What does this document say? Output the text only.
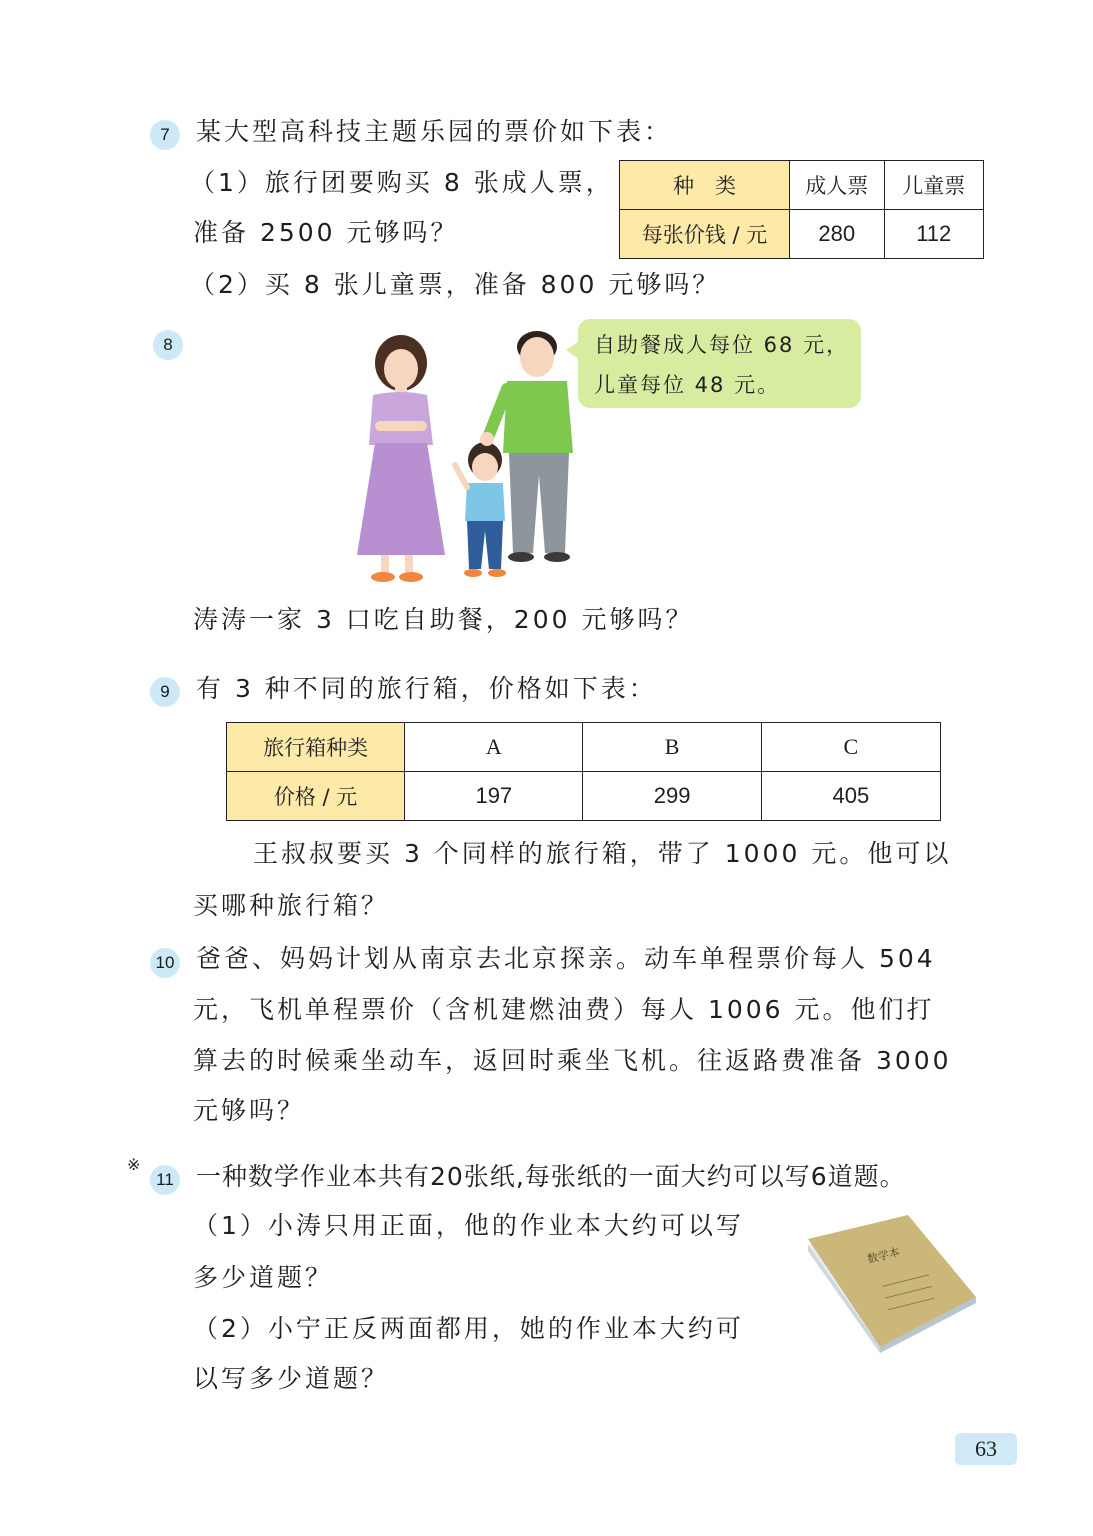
7	某大型高科技主题乐园的票价如下表：
（1）旅行团要购买 8 张成人票，
准备 2500 元够吗？
（2）买 8 张儿童票，准备 800 元够吗？
种　类	成人票	儿童票
每张价钱 / 元	280	112
8	自助餐成人每位 68 元，
儿童每位 48 元。
涛涛一家 3 口吃自助餐，200 元够吗？
9	有 3 种不同的旅行箱，价格如下表：
旅行箱种类	A	B	C
价格 / 元	197	299	405
王叔叔要买 3 个同样的旅行箱，带了 1000 元。他可以
买哪种旅行箱？
10 爸爸、妈妈计划从南京去北京探亲。动车单程票价每人 504
元，飞机单程票价（含机建燃油费）每人 1006 元。他们打
算去的时候乘坐动车，返回时乘坐飞机。往返路费准备 3000
元够吗？
※
11 一种数学作业本共有20张纸,每张纸的一面大约可以写6道题。
（1）小涛只用正面，他的作业本大约可以写
多少道题？
（2）小宁正反两面都用，她的作业本大约可
以写多少道题？
数学本
63
